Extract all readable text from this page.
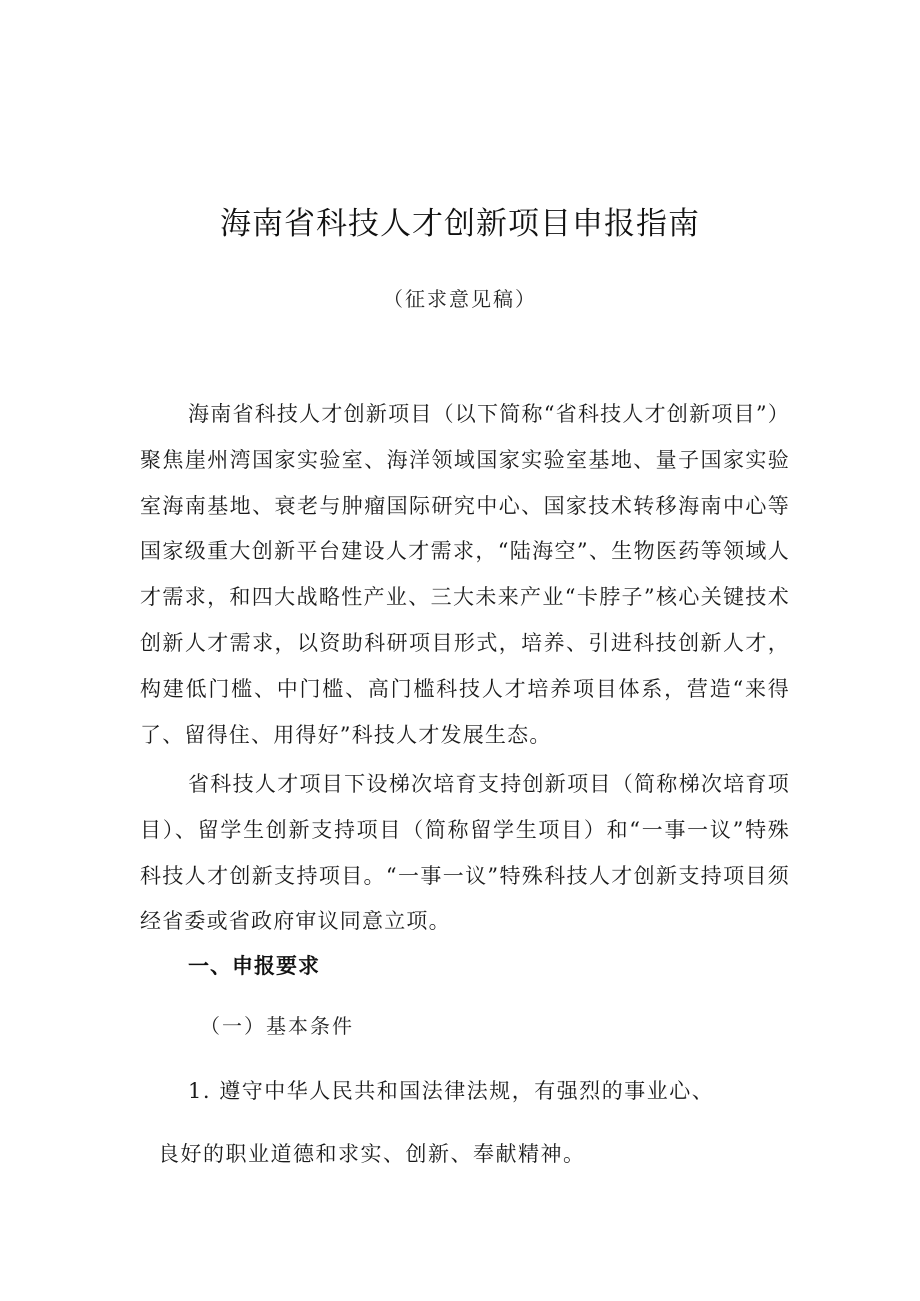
海南省科技人才创新项目申报指南
（征求意见稿）

海南省科技人才创新项目（以下简称“省科技人才创新项目”）聚焦崖州湾国家实验室、海洋领域国家实验室基地、量子国家实验室海南基地、衰老与肿瘤国际研究中心、国家技术转移海南中心等国家级重大创新平台建设人才需求，“陆海空”、生物医药等领域人才需求，和四大战略性产业、三大未来产业“卡脖子”核心关键技术创新人才需求，以资助科研项目形式，培养、引进科技创新人才，构建低门槛、中门槛、高门槛科技人才培养项目体系，营造“来得了、留得住、用得好”科技人才发展生态。

省科技人才项目下设梯次培育支持创新项目（简称梯次培育项目）、留学生创新支持项目（简称留学生项目）和“一事一议”特殊科技人才创新支持项目。“一事一议”特殊科技人才创新支持项目须经省委或省政府审议同意立项。

一、申报要求
（一）基本条件
1. 遵守中华人民共和国法律法规，有强烈的事业心、
良好的职业道德和求实、创新、奉献精神。
